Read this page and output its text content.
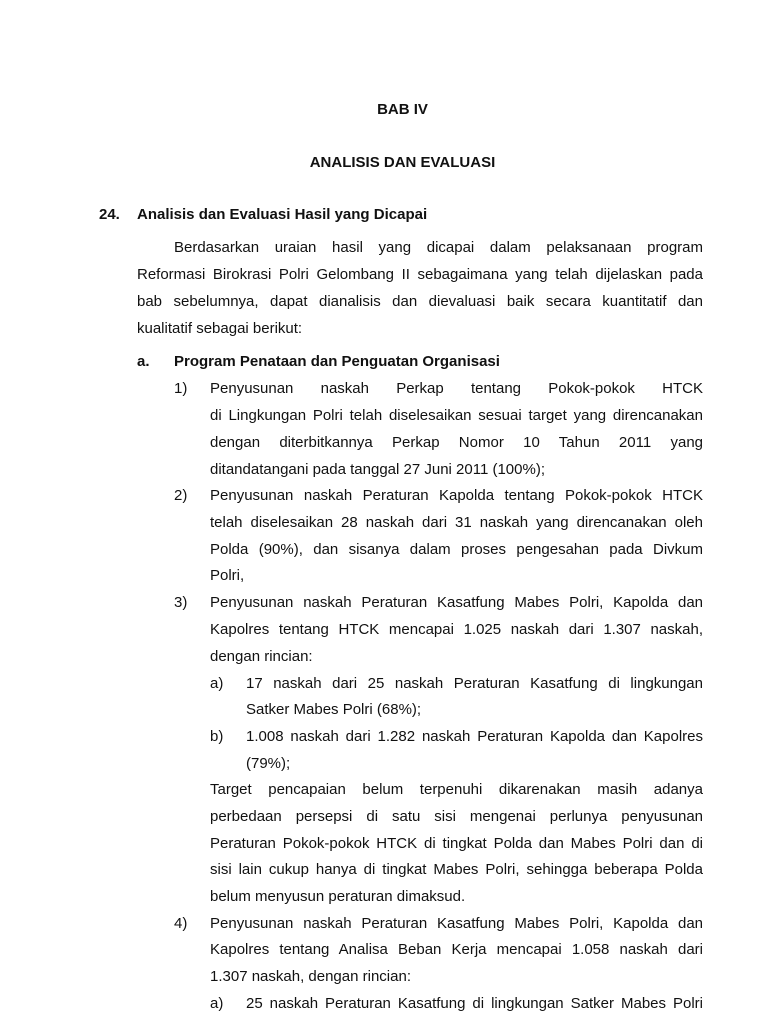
BAB IV
ANALISIS DAN EVALUASI
24. Analisis dan Evaluasi Hasil yang Dicapai
Berdasarkan uraian hasil yang dicapai dalam pelaksanaan program
Reformasi Birokrasi Polri Gelombang II sebagaimana yang telah dijelaskan pada
bab sebelumnya, dapat dianalisis dan dievaluasi baik secara kuantitatif dan
kualitatif sebagai berikut:
a. Program Penataan dan Penguatan Organisasi
1) Penyusunan naskah Perkap tentang Pokok-pokok HTCK
di Lingkungan Polri telah diselesaikan sesuai target yang direncanakan
dengan diterbitkannya Perkap Nomor 10 Tahun 2011 yang
ditandatangani pada tanggal 27 Juni 2011 (100%);
2) Penyusunan naskah Peraturan Kapolda tentang Pokok-pokok HTCK
telah diselesaikan 28 naskah dari 31 naskah yang direncanakan oleh
Polda (90%), dan sisanya dalam proses pengesahan pada Divkum
Polri,
3) Penyusunan naskah Peraturan Kasatfung Mabes Polri, Kapolda dan
Kapolres tentang HTCK mencapai 1.025 naskah dari 1.307 naskah,
dengan rincian:
a) 17 naskah dari 25 naskah Peraturan Kasatfung di lingkungan
Satker Mabes Polri (68%);
b) 1.008 naskah dari 1.282 naskah Peraturan Kapolda dan Kapolres
(79%);
Target pencapaian belum terpenuhi dikarenakan masih adanya
perbedaan persepsi di satu sisi mengenai perlunya penyusunan
Peraturan Pokok-pokok HTCK di tingkat Polda dan Mabes Polri dan di
sisi lain cukup hanya di tingkat Mabes Polri, sehingga beberapa Polda
belum menyusun peraturan dimaksud.
4) Penyusunan naskah Peraturan Kasatfung Mabes Polri, Kapolda dan
Kapolres tentang Analisa Beban Kerja mencapai 1.058 naskah dari
1.307 naskah, dengan rincian:
a) 25 naskah Peraturan Kasatfung di lingkungan Satker Mabes Polri
